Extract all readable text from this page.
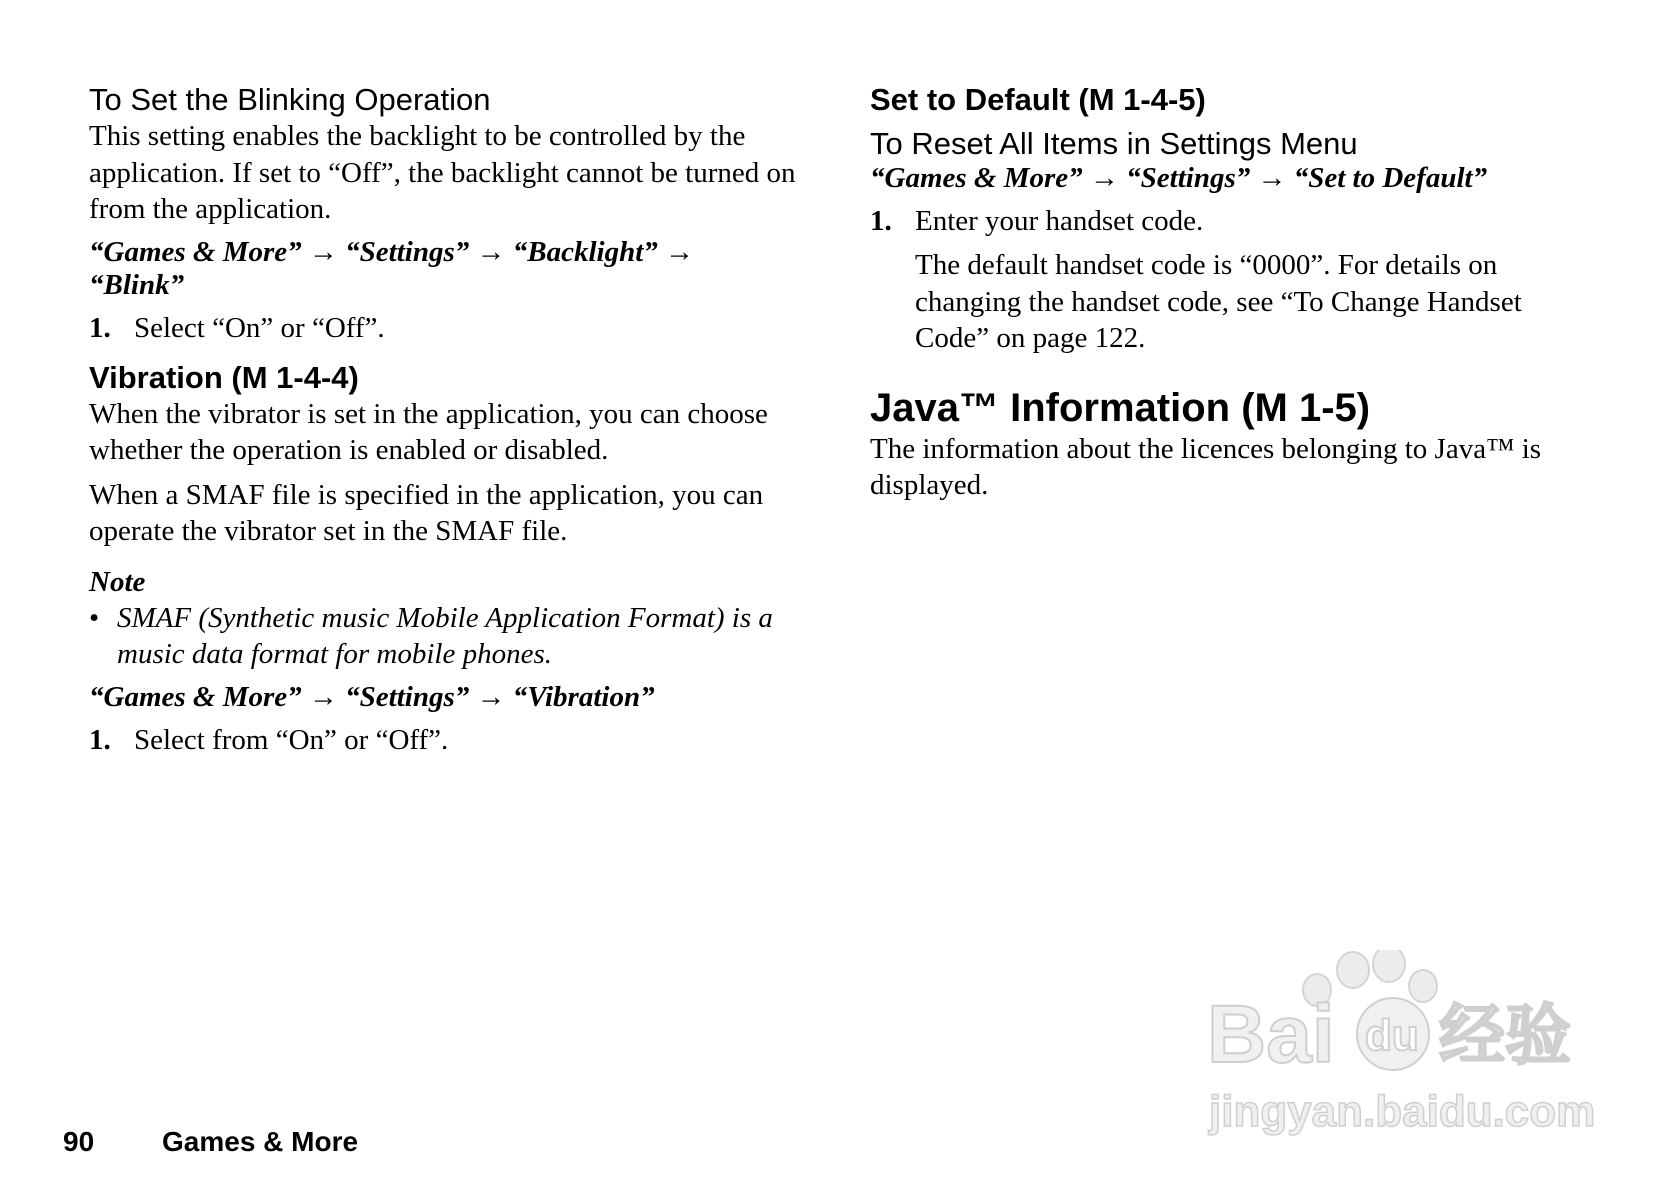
To Set the Blinking Operation

This setting enables the backlight to be controlled by the application. If set to “Off”, the backlight cannot be turned on from the application.

“Games & More” → “Settings” → “Backlight” →

“Blink”

1. Select “On” or “Off”.
Vibration (M 1-4-4)

When the vibrator is set in the application, you can choose whether the operation is enabled or disabled.

When a SMAF file is specified in the application, you can operate the vibrator set in the SMAF file.

Note

• SMAF (Synthetic music Mobile Application Format) is a music data format for mobile phones.

“Games & More” → “Settings” → “Vibration”

1. Select from “On” or “Off”.
Set to Default (M 1-4-5)
To Reset All Items in Settings Menu

“Games & More” → “Settings” → “Set to Default”

1. Enter your handset code.

The default handset code is “0000”. For details on changing the handset code, see “To Change Handset Code” on page 122.

Java™ Information (M 1-5)

The information about the licences belonging to Java™ is displayed.

90 Games & More
Bai du 经验
jingyan.baidu.com
